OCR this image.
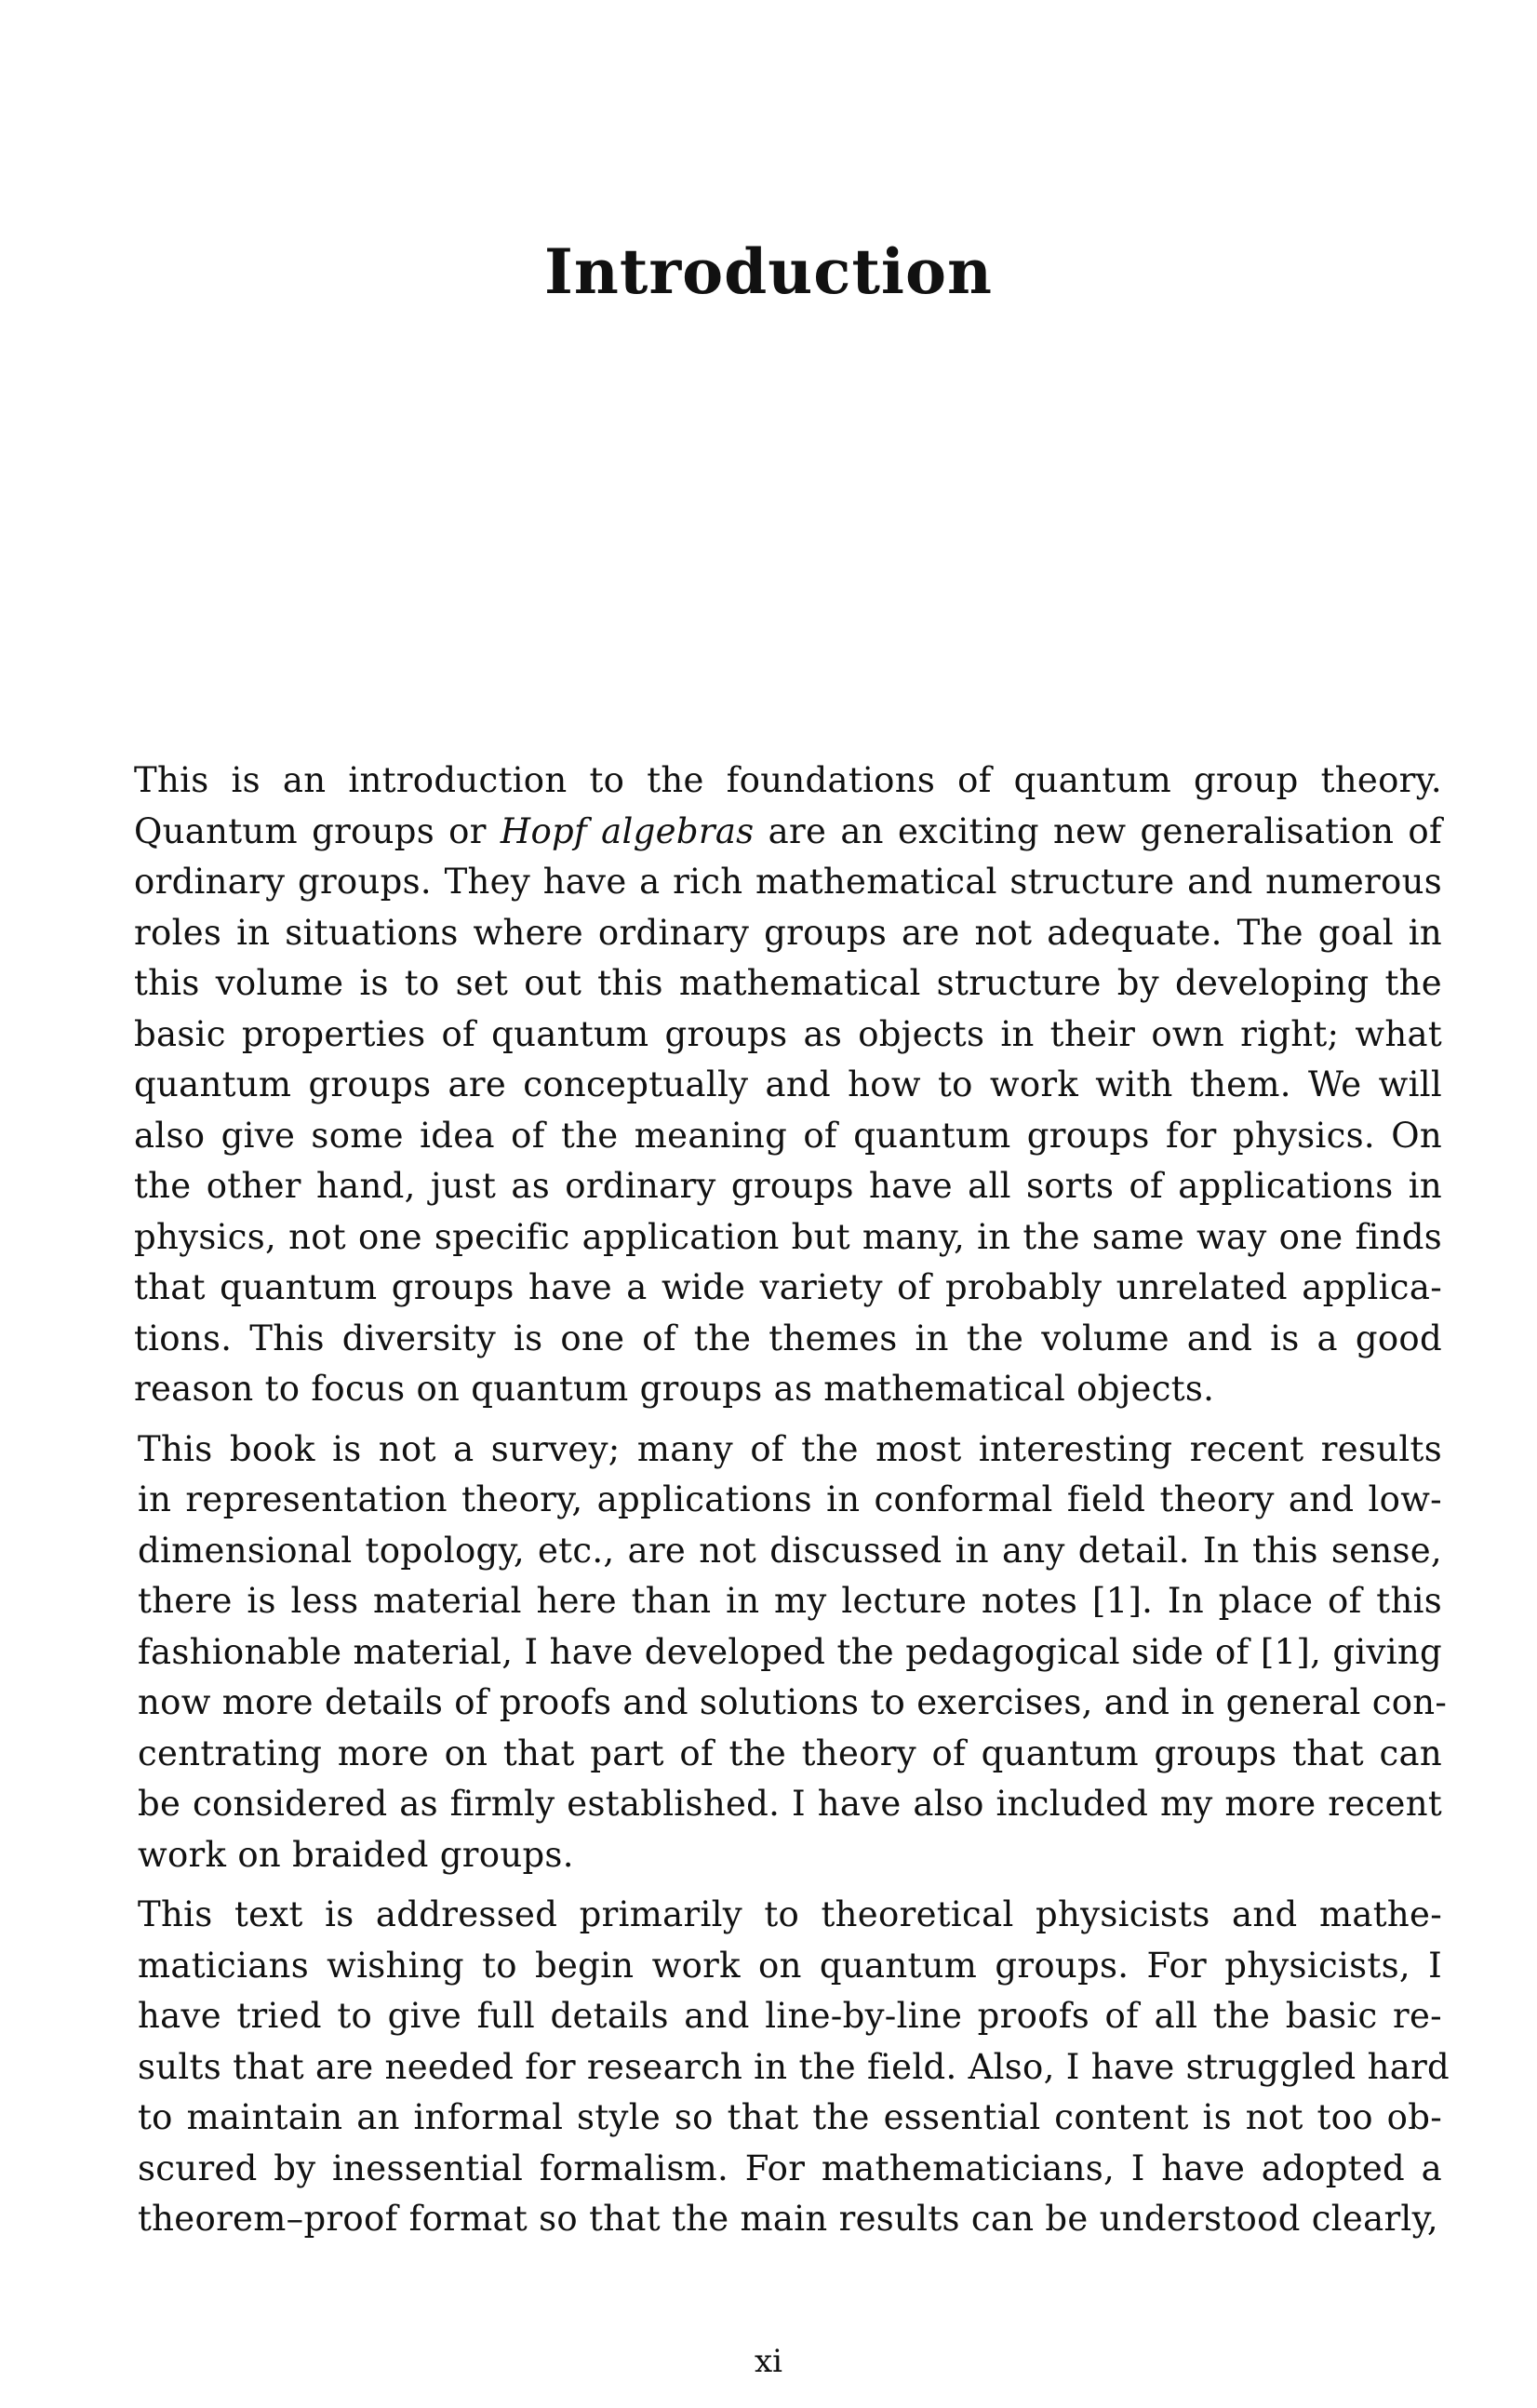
Introduction

This is an introduction to the foundations of quantum group theory.
Quantum groups or Hopf algebras are an exciting new generalisation of
ordinary groups. They have a rich mathematical structure and numerous
roles in situations where ordinary groups are not adequate. The goal in
this volume is to set out this mathematical structure by developing the
basic properties of quantum groups as objects in their own right; what
quantum groups are conceptually and how to work with them. We will
also give some idea of the meaning of quantum groups for physics. On
the other hand, just as ordinary groups have all sorts of applications in
physics, not one specific application but many, in the same way one finds
that quantum groups have a wide variety of probably unrelated applica-
tions. This diversity is one of the themes in the volume and is a good
reason to focus on quantum groups as mathematical objects.

This book is not a survey; many of the most interesting recent results
in representation theory, applications in conformal field theory and low-
dimensional topology, etc., are not discussed in any detail. In this sense,
there is less material here than in my lecture notes [1]. In place of this
fashionable material, I have developed the pedagogical side of [1], giving
now more details of proofs and solutions to exercises, and in general con-
centrating more on that part of the theory of quantum groups that can
be considered as firmly established. I have also included my more recent
work on braided groups.

This text is addressed primarily to theoretical physicists and mathe-
maticians wishing to begin work on quantum groups. For physicists, I
have tried to give full details and line-by-line proofs of all the basic re-
sults that are needed for research in the field. Also, I have struggled hard
to maintain an informal style so that the essential content is not too ob-
scured by inessential formalism. For mathematicians, I have adopted a
theorem–proof format so that the main results can be understood clearly,

xi
